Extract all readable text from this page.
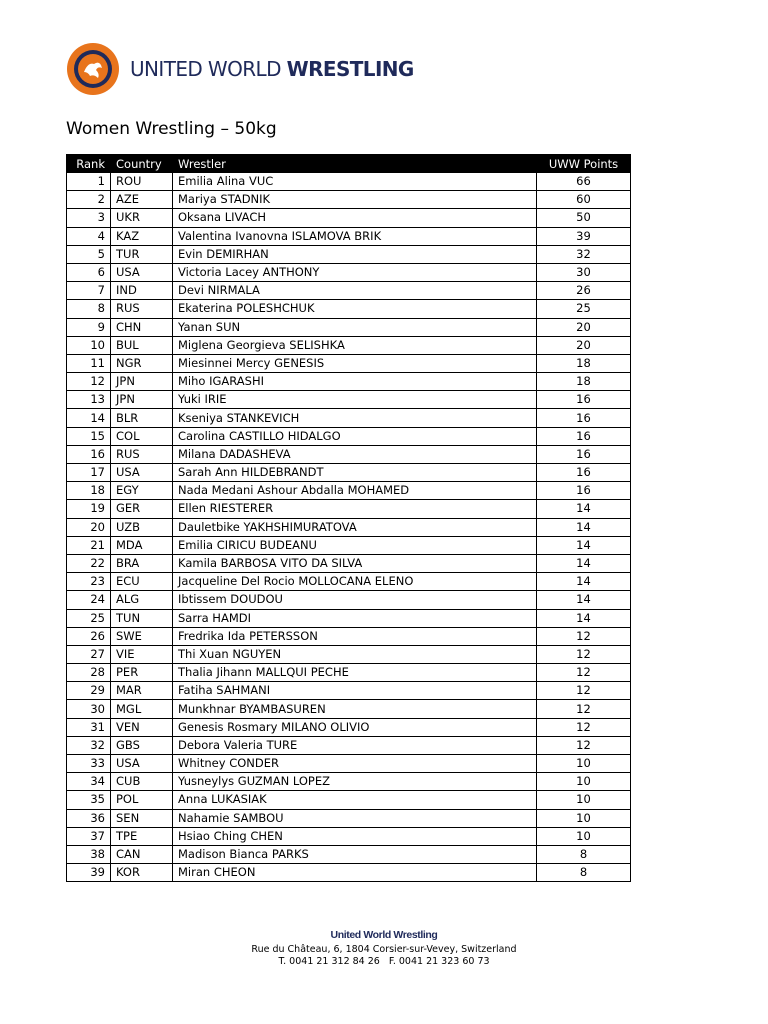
UNITED WORLD WRESTLING
Women Wrestling – 50kg
Rank	Country	Wrestler	UWW Points
1	ROU	Emilia Alina VUC	66
2	AZE	Mariya STADNIK	60
3	UKR	Oksana LIVACH	50
4	KAZ	Valentina Ivanovna ISLAMOVA BRIK	39
5	TUR	Evin DEMIRHAN	32
6	USA	Victoria Lacey ANTHONY	30
7	IND	Devi NIRMALA	26
8	RUS	Ekaterina POLESHCHUK	25
9	CHN	Yanan SUN	20
10	BUL	Miglena Georgieva SELISHKA	20
11	NGR	Miesinnei Mercy GENESIS	18
12	JPN	Miho IGARASHI	18
13	JPN	Yuki IRIE	16
14	BLR	Kseniya STANKEVICH	16
15	COL	Carolina CASTILLO HIDALGO	16
16	RUS	Milana DADASHEVA	16
17	USA	Sarah Ann HILDEBRANDT	16
18	EGY	Nada Medani Ashour Abdalla MOHAMED	16
19	GER	Ellen RIESTERER	14
20	UZB	Dauletbike YAKHSHIMURATOVA	14
21	MDA	Emilia CIRICU BUDEANU	14
22	BRA	Kamila BARBOSA VITO DA SILVA	14
23	ECU	Jacqueline Del Rocio MOLLOCANA ELENO	14
24	ALG	Ibtissem DOUDOU	14
25	TUN	Sarra HAMDI	14
26	SWE	Fredrika Ida PETERSSON	12
27	VIE	Thi Xuan NGUYEN	12
28	PER	Thalia Jihann MALLQUI PECHE	12
29	MAR	Fatiha SAHMANI	12
30	MGL	Munkhnar BYAMBASUREN	12
31	VEN	Genesis Rosmary MILANO OLIVIO	12
32	GBS	Debora Valeria TURE	12
33	USA	Whitney CONDER	10
34	CUB	Yusneylys GUZMAN LOPEZ	10
35	POL	Anna LUKASIAK	10
36	SEN	Nahamie SAMBOU	10
37	TPE	Hsiao Ching CHEN	10
38	CAN	Madison Bianca PARKS	8
39	KOR	Miran CHEON	8
United World Wrestling
Rue du Château, 6, 1804 Corsier-sur-Vevey, Switzerland
T. 0041 21 312 84 26   F. 0041 21 323 60 73
